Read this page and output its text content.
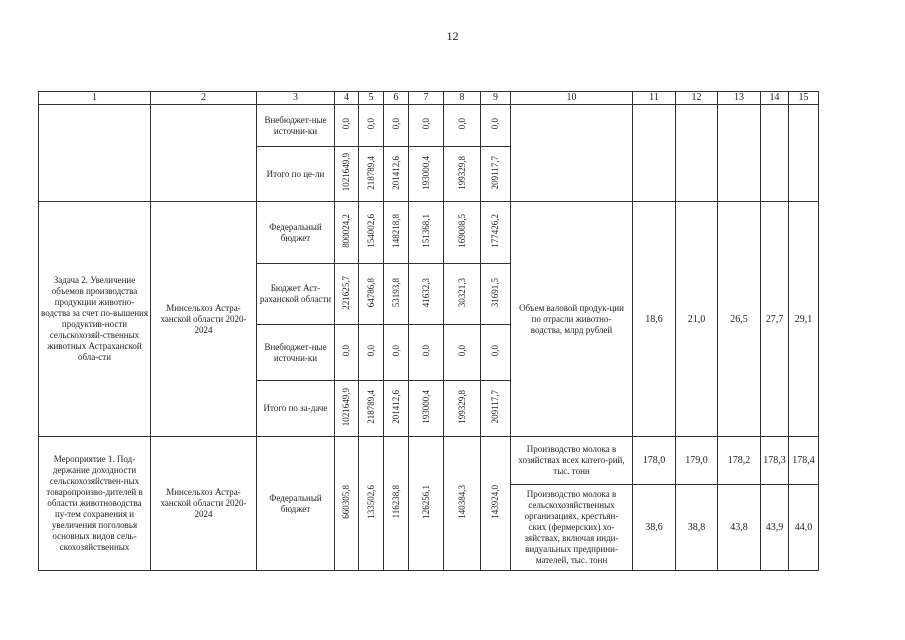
12
1	2	3	4	5	6	7	8	9	10	11	12	13	14	15

		Внебюджет-ные источни-ки	0,0	0,0	0,0	0,0	0,0	0,0						

		Итого по це-ли	1021649,9	218789,4	201412,6	193000,4	199329,8	209117,7						

Задача 2. Увеличение объемов производства продукции животно-водства за счет по-вышения продуктив-ности сельскохозяй-ственных животных Астраханской обла-сти	Минсельхоз Астра-ханской области 2020-2024	Федеральный бюджет	800024,2	154002,6	148218,8	151368,1	169008,5	177426,2	Объем валовой продук-ции по отрасли животно-водства, млрд рублей	18,6	21,0	26,5	27,7	29,1

		Бюджет Аст-раханской области	221625,7	64786,8	53193,8	41632,3	30321,3	31691,5						

		Внебюджет-ные источни-ки	0,0	0,0	0,0	0,0	0,0	0,0						

		Итого по за-даче	1021649,9	218789,4	201412,6	193000,4	199329,8	209117,7						

Мероприятие 1. Под-держание доходности сельскохозяйствен-ных товаропроизво-дителей в области животноводства пу-тем сохранения и увеличения поголовья основных видов сель-скохозяйственных	Минсельхоз Астра-ханской области 2020-2024	Федеральный бюджет	660305,8	133502,6	116238,8	126256,1	140384,3	143924,0	Производство молока в хозяйствах всех катего-рий, тыс. тонн	178,0	179,0	178,2	178,3	178,4

									Производство молока в сельскохозяйственных организациях, крестьян-ских (фермерских) хо-зяйствах, включая инди-видуальных предприни-мателей, тыс. тонн	38,6	38,8	43,8	43,9	44,0
